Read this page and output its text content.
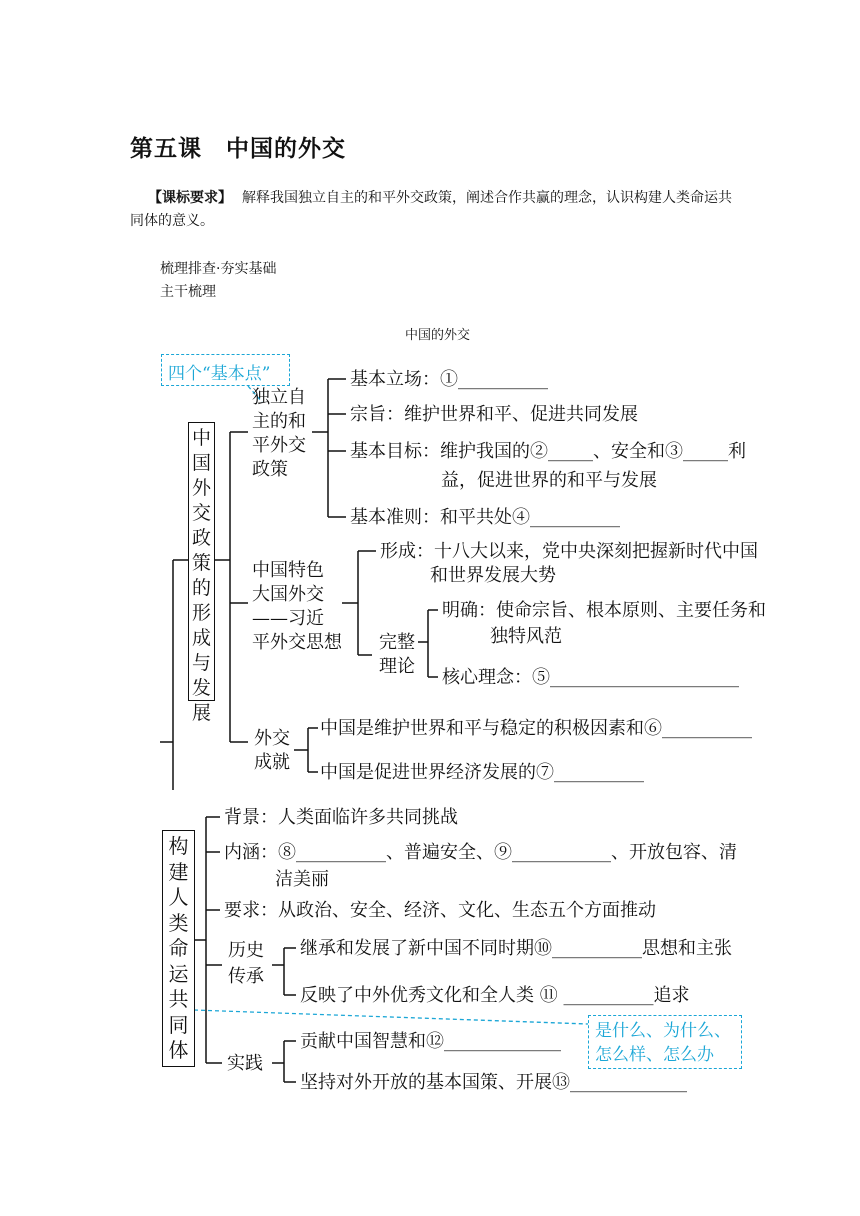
第五课　中国的外交
【课标要求】 解释我国独立自主的和平外交政策，阐述合作共赢的理念，认识构建人类命运共同体的意义。
梳理排查·夯实基础
主干梳理
中国的外交
四个“基本点”
是什么、为什么、
怎么样、怎么办
中
国
外
交
政
策
的
形
成
与
发
展
独立自
主的和
平外交
政策
基本立场：①__________
宗旨：维护世界和平、促进共同发展
基本目标：维护我国的②_____、安全和③_____利
益，促进世界的和平与发展
基本准则：和平共处④__________
中国特色
大国外交
——习近
平外交思想
形成：十八大以来，党中央深刻把握新时代中国
和世界发展大势
完整
理论
明确：使命宗旨、根本原则、主要任务和
独特风范
核心理念：⑤_____________________
外交
成就
中国是维护世界和平与稳定的积极因素和⑥__________
中国是促进世界经济发展的⑦__________
构
建
人
类
命
运
共
同
体
背景：人类面临许多共同挑战
内涵：⑧__________、普遍安全、⑨___________、开放包容、清
洁美丽
要求：从政治、安全、经济、文化、生态五个方面推动
历史
传承
继承和发展了新中国不同时期⑩__________思想和主张
反映了中外优秀文化和全人类 ⑪ __________追求
实践
贡献中国智慧和⑫_____________
坚持对外开放的基本国策、开展⑬_____________
